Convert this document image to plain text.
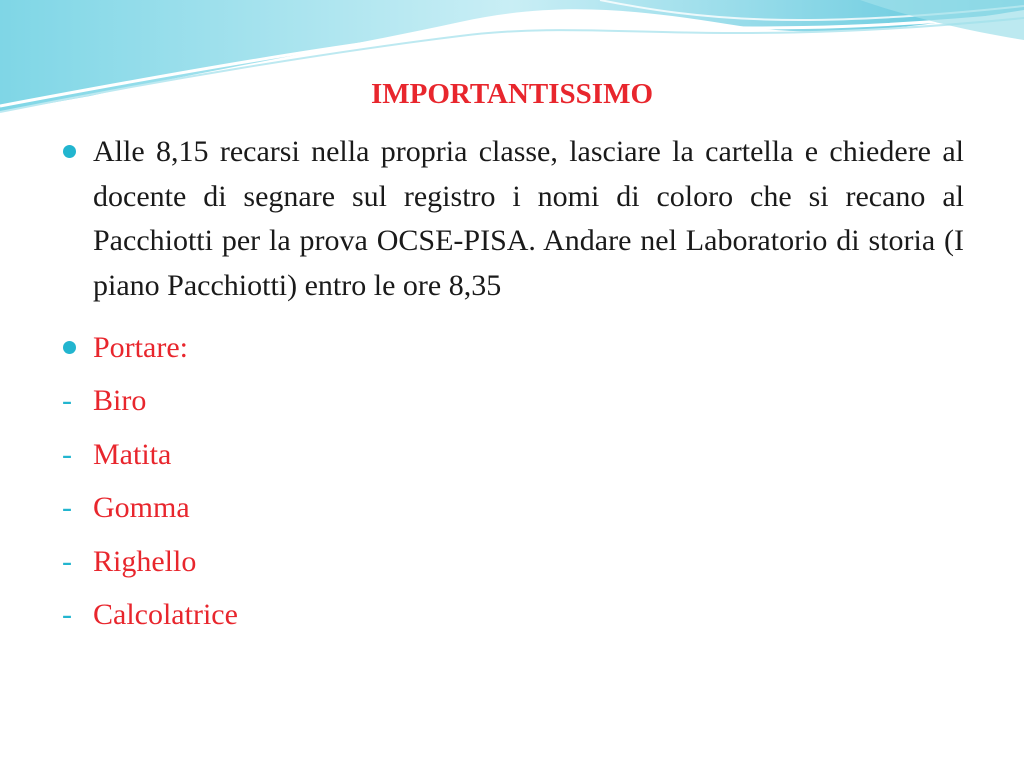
IMPORTANTISSIMO
Alle 8,15 recarsi nella propria classe, lasciare la cartella e chiedere al docente di segnare sul registro i nomi di coloro che si recano al Pacchiotti per la prova OCSE-PISA. Andare nel Laboratorio di storia (I piano Pacchiotti) entro le ore 8,35
Portare:
- Biro
- Matita
- Gomma
- Righello
- Calcolatrice
